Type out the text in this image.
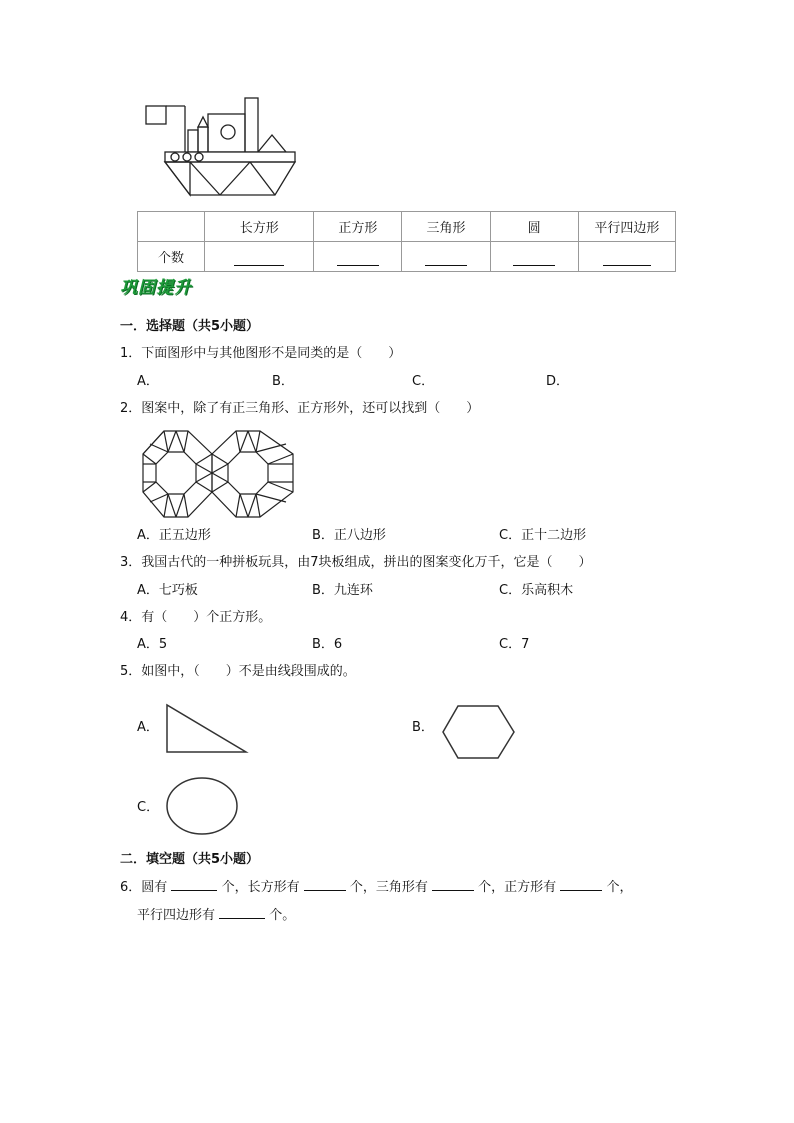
	长方形	正方形	三角形	圆	平行四边形
个数					
巩固提升
一．选择题（共5小题）
1．下面图形中与其他图形不是同类的是（　　）
A．	B．	C．	D．
2．图案中，除了有正三角形、正方形外，还可以找到（　　）
A．正五边形	B．正八边形	C．正十二边形
3．我国古代的一种拼板玩具，由7块板组成，拼出的图案变化万千，它是（　　）
A．七巧板	B．九连环	C．乐高积木
4．有（　　）个正方形。
A．5	B．6	C．7
5．如图中，（　　）不是由线段围成的。
A．	B．
C．
二．填空题（共5小题）
6．圆有	个，长方形有	个，三角形有	个，正方形有	个，
平行四边形有	个。
